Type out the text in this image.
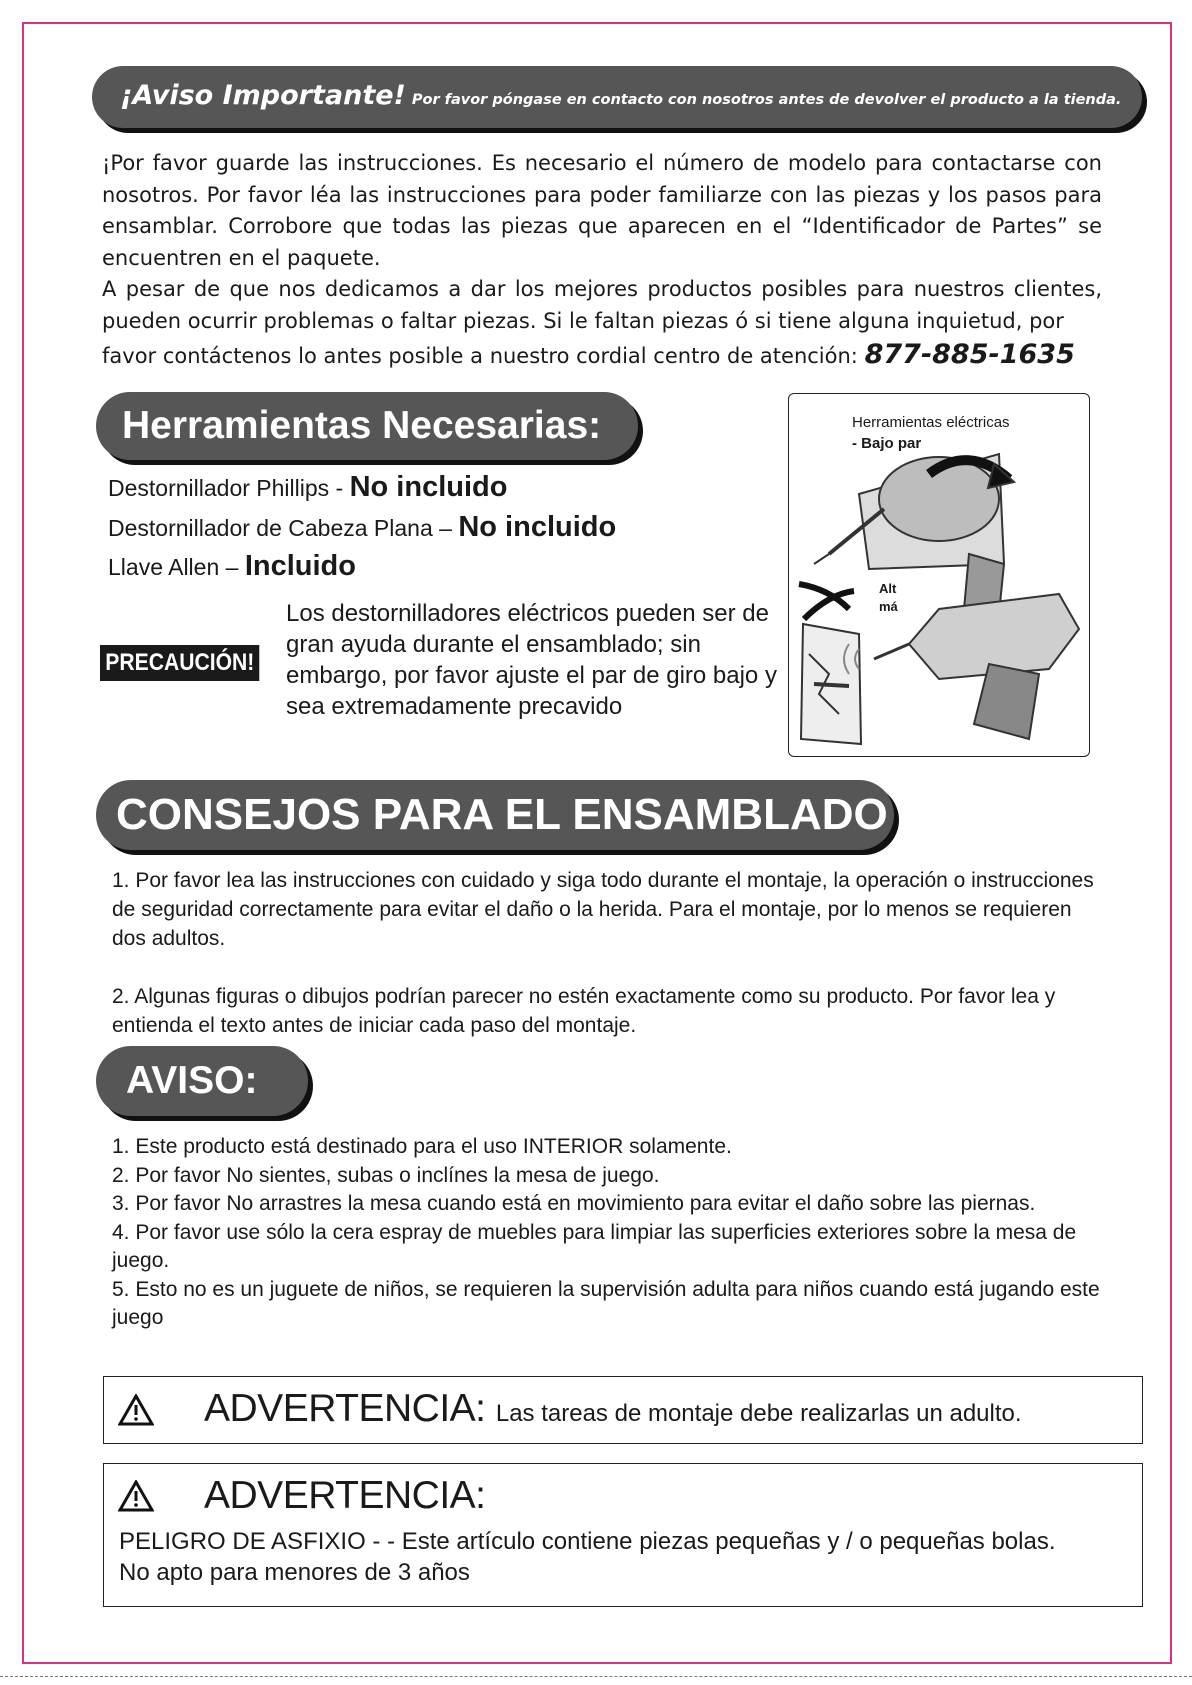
¡Aviso Importante! Por favor póngase en contacto con nosotros antes de devolver el producto a la tienda.

¡Por favor guarde las instrucciones. Es necesario el número de modelo para contactarse con nosotros. Por favor léa las instrucciones para poder familiarze con las piezas y los pasos para ensamblar. Corrobore que todas las piezas que aparecen en el “Identificador de Partes” se encuentren en el paquete.

A pesar de que nos dedicamos a dar los mejores productos posibles para nuestros clientes, pueden ocurrir problemas o faltar piezas. Si le faltan piezas ó si tiene alguna inquietud, por

favor contáctenos lo antes posible a nuestro cordial centro de atención: 877-885-1635

Herramientas Necesarias:
Destornillador Phillips - No incluido
Destornillador de Cabeza Plana – No incluido
Llave Allen – Incluido
PRECAUCIÓN!
Los destornilladores eléctricos pueden ser de gran ayuda durante el ensamblado; sin embargo, por favor ajuste el par de giro bajo y sea extremadamente precavido
Herramientas eléctricas
- Bajo par
Alt
má
CONSEJOS PARA EL ENSAMBLADO

1. Por favor lea las instrucciones con cuidado y siga todo durante el montaje, la operación o instrucciones de seguridad correctamente para evitar el daño o la herida. Para el montaje, por lo menos se requieren dos adultos.

2. Algunas figuras o dibujos podrían parecer no estén exactamente como su producto. Por favor lea y entienda el texto antes de iniciar cada paso del montaje.

AVISO:

1. Este producto está destinado para el uso INTERIOR solamente.

2. Por favor No sientes, subas o inclínes la mesa de juego.

3. Por favor No arrastres la mesa cuando está en movimiento para evitar el daño sobre las piernas.

4. Por favor use sólo la cera espray de muebles para limpiar las superficies exteriores sobre la mesa de juego.

5. Esto no es un juguete de niños, se requieren la supervisión adulta para niños cuando está jugando este juego

ADVERTENCIA: Las tareas de montaje debe realizarlas un adulto.
ADVERTENCIA:
PELIGRO DE ASFIXIO - - Este artículo contiene piezas pequeñas y / o pequeñas bolas.
No apto para menores de 3 años
